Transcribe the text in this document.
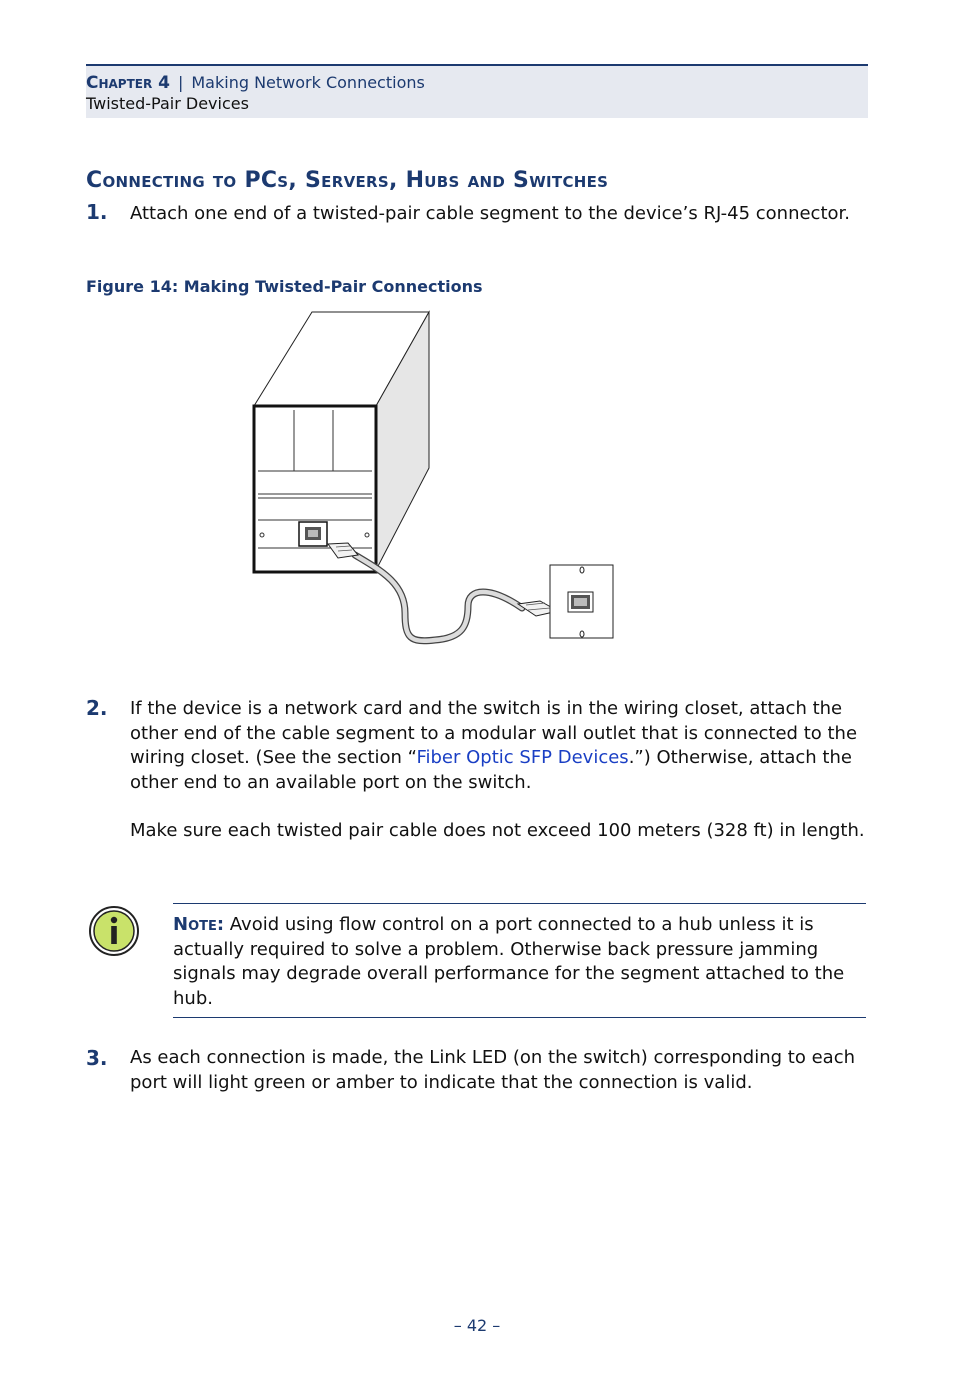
Chapter 4 | Making Network Connections
Twisted-Pair Devices
Connecting to PCs, Servers, Hubs and Switches
1. Attach one end of a twisted-pair cable segment to the device’s RJ-45 connector.
Figure 14: Making Twisted-Pair Connections
2. If the device is a network card and the switch is in the wiring closet, attach the other end of the cable segment to a modular wall outlet that is connected to the wiring closet. (See the section “Fiber Optic SFP Devices.”) Otherwise, attach the other end to an available port on the switch.
Make sure each twisted pair cable does not exceed 100 meters (328 ft) in length.
Note: Avoid using flow control on a port connected to a hub unless it is actually required to solve a problem. Otherwise back pressure jamming signals may degrade overall performance for the segment attached to the hub.
3. As each connection is made, the Link LED (on the switch) corresponding to each port will light green or amber to indicate that the connection is valid.
– 42 –
